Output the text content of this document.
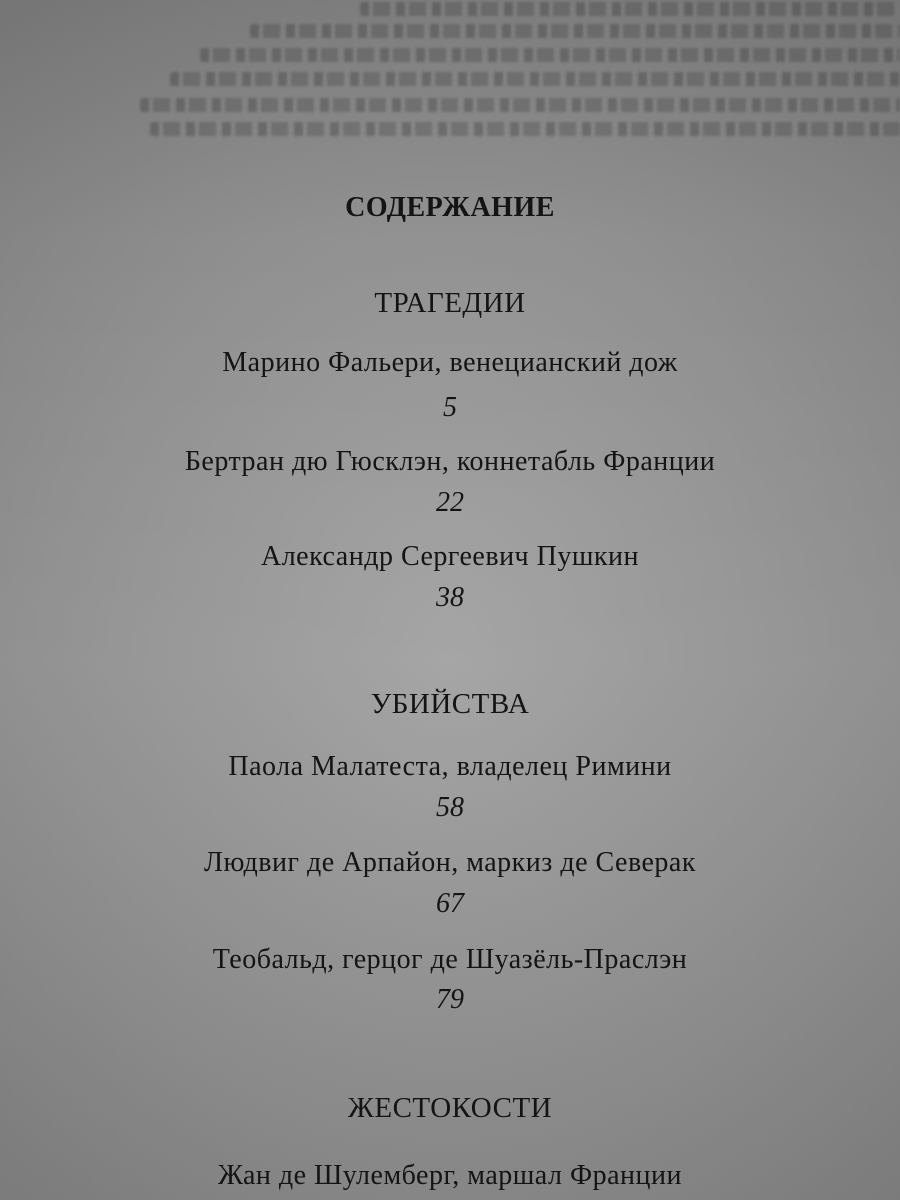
СОДЕРЖАНИЕ
ТРАГЕДИИ
Марино Фальери, венецианский дож
5
Бертран дю Гюсклэн, коннетабль Франции
22
Александр Сергеевич Пушкин
38
УБИЙСТВА
Паола Малатеста, владелец Римини
58
Людвиг де Арпайон, маркиз де Северак
67
Теобальд, герцог де Шуазёль-Праслэн
79
ЖЕСТОКОСТИ
Жан де Шулемберг, маршал Франции
